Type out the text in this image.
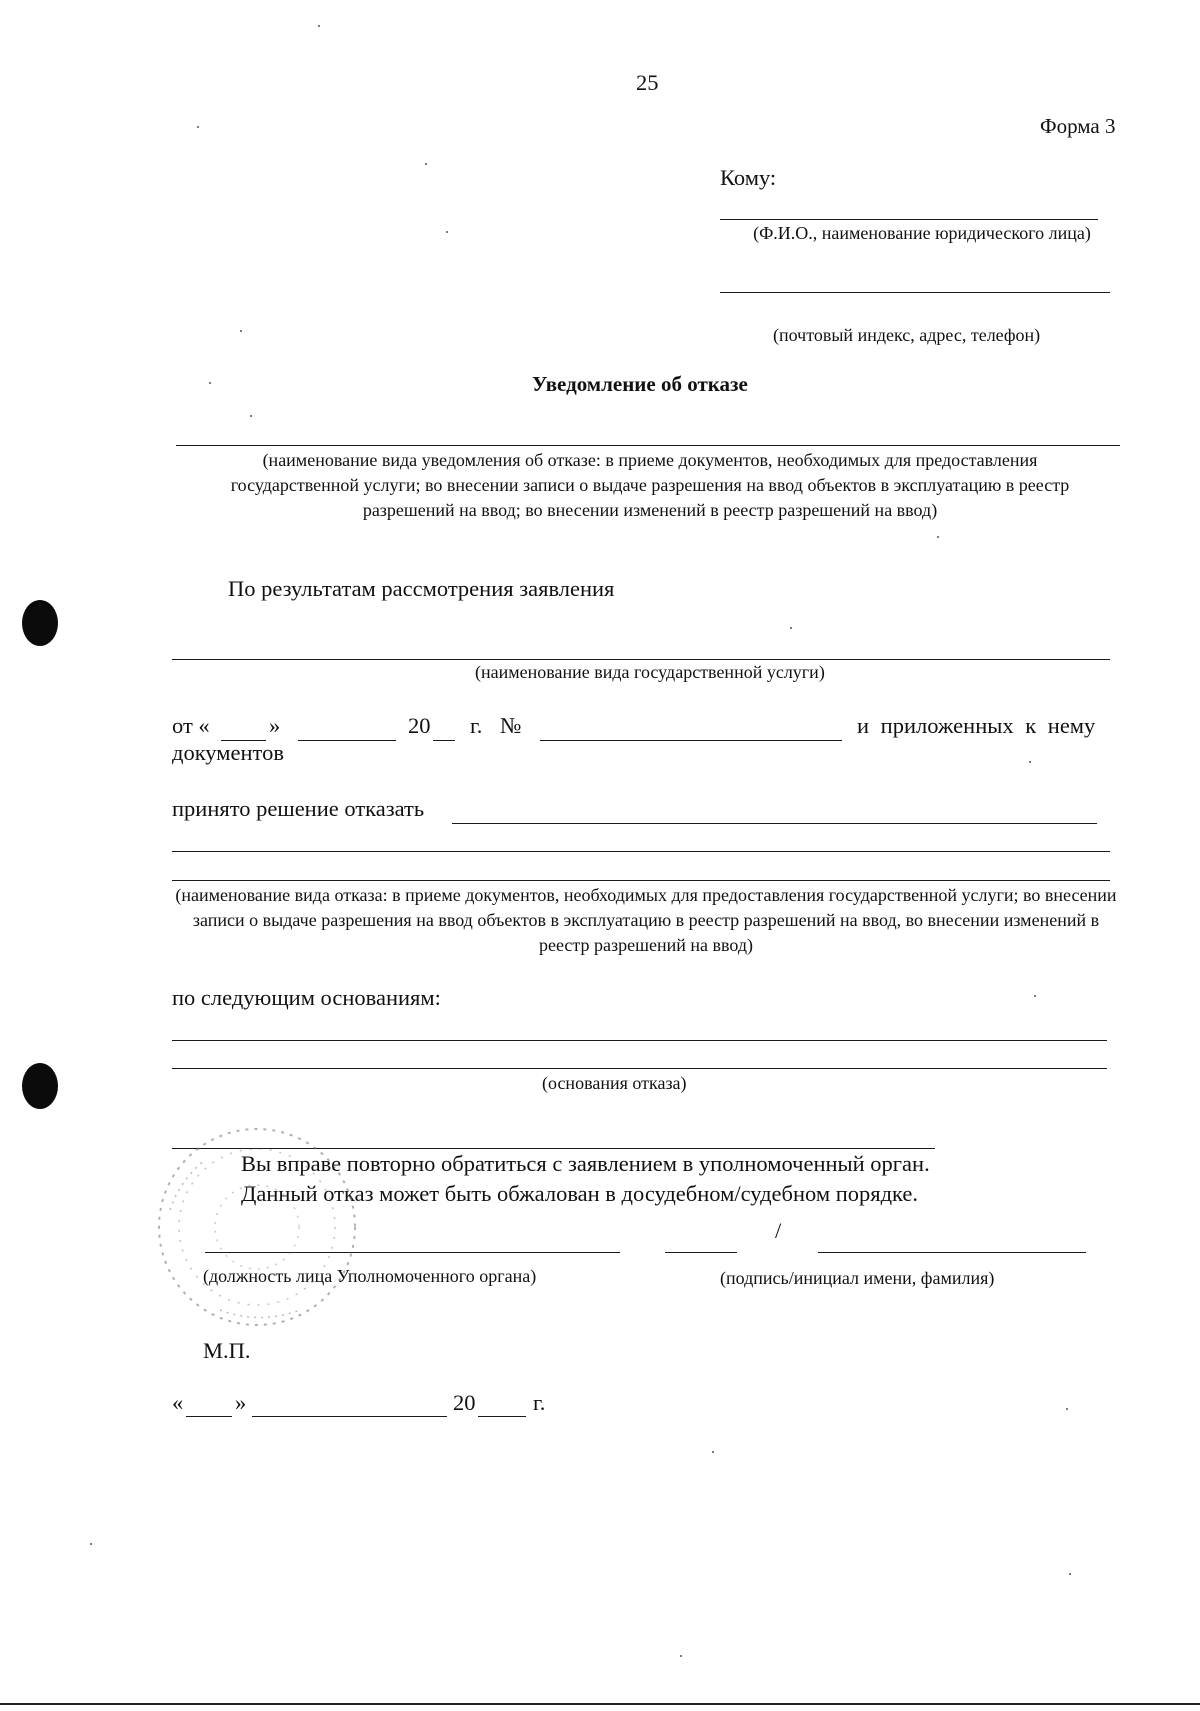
25
Форма 3
Кому:
(Ф.И.О., наименование юридического лица)
(почтовый индекс, адрес, телефон)
Уведомление об отказе
(наименование вида уведомления об отказе: в приеме документов, необходимых для предоставления государственной услуги; во внесении записи о выдаче разрешения на ввод объектов в эксплуатацию в реестр разрешений на ввод; во внесении изменений в реестр разрешений на ввод)
По результатам рассмотрения заявления
(наименование вида государственной услуги)
от «	»	20 г. №	и приложенных к нему
документов
принято решение отказать
(наименование вида отказа: в приеме документов, необходимых для предоставления государственной услуги; во внесении записи о выдаче разрешения на ввод объектов в эксплуатацию в реестр разрешений на ввод, во внесении изменений в реестр разрешений на ввод)
по следующим основаниям:
(основания отказа)
Вы вправе повторно обратиться с заявлением в уполномоченный орган.
Данный отказ может быть обжалован в досудебном/судебном порядке.
/
(должность лица Уполномоченного органа)	(подпись/инициал имени, фамилия)
М.П.
« »	20	г.
